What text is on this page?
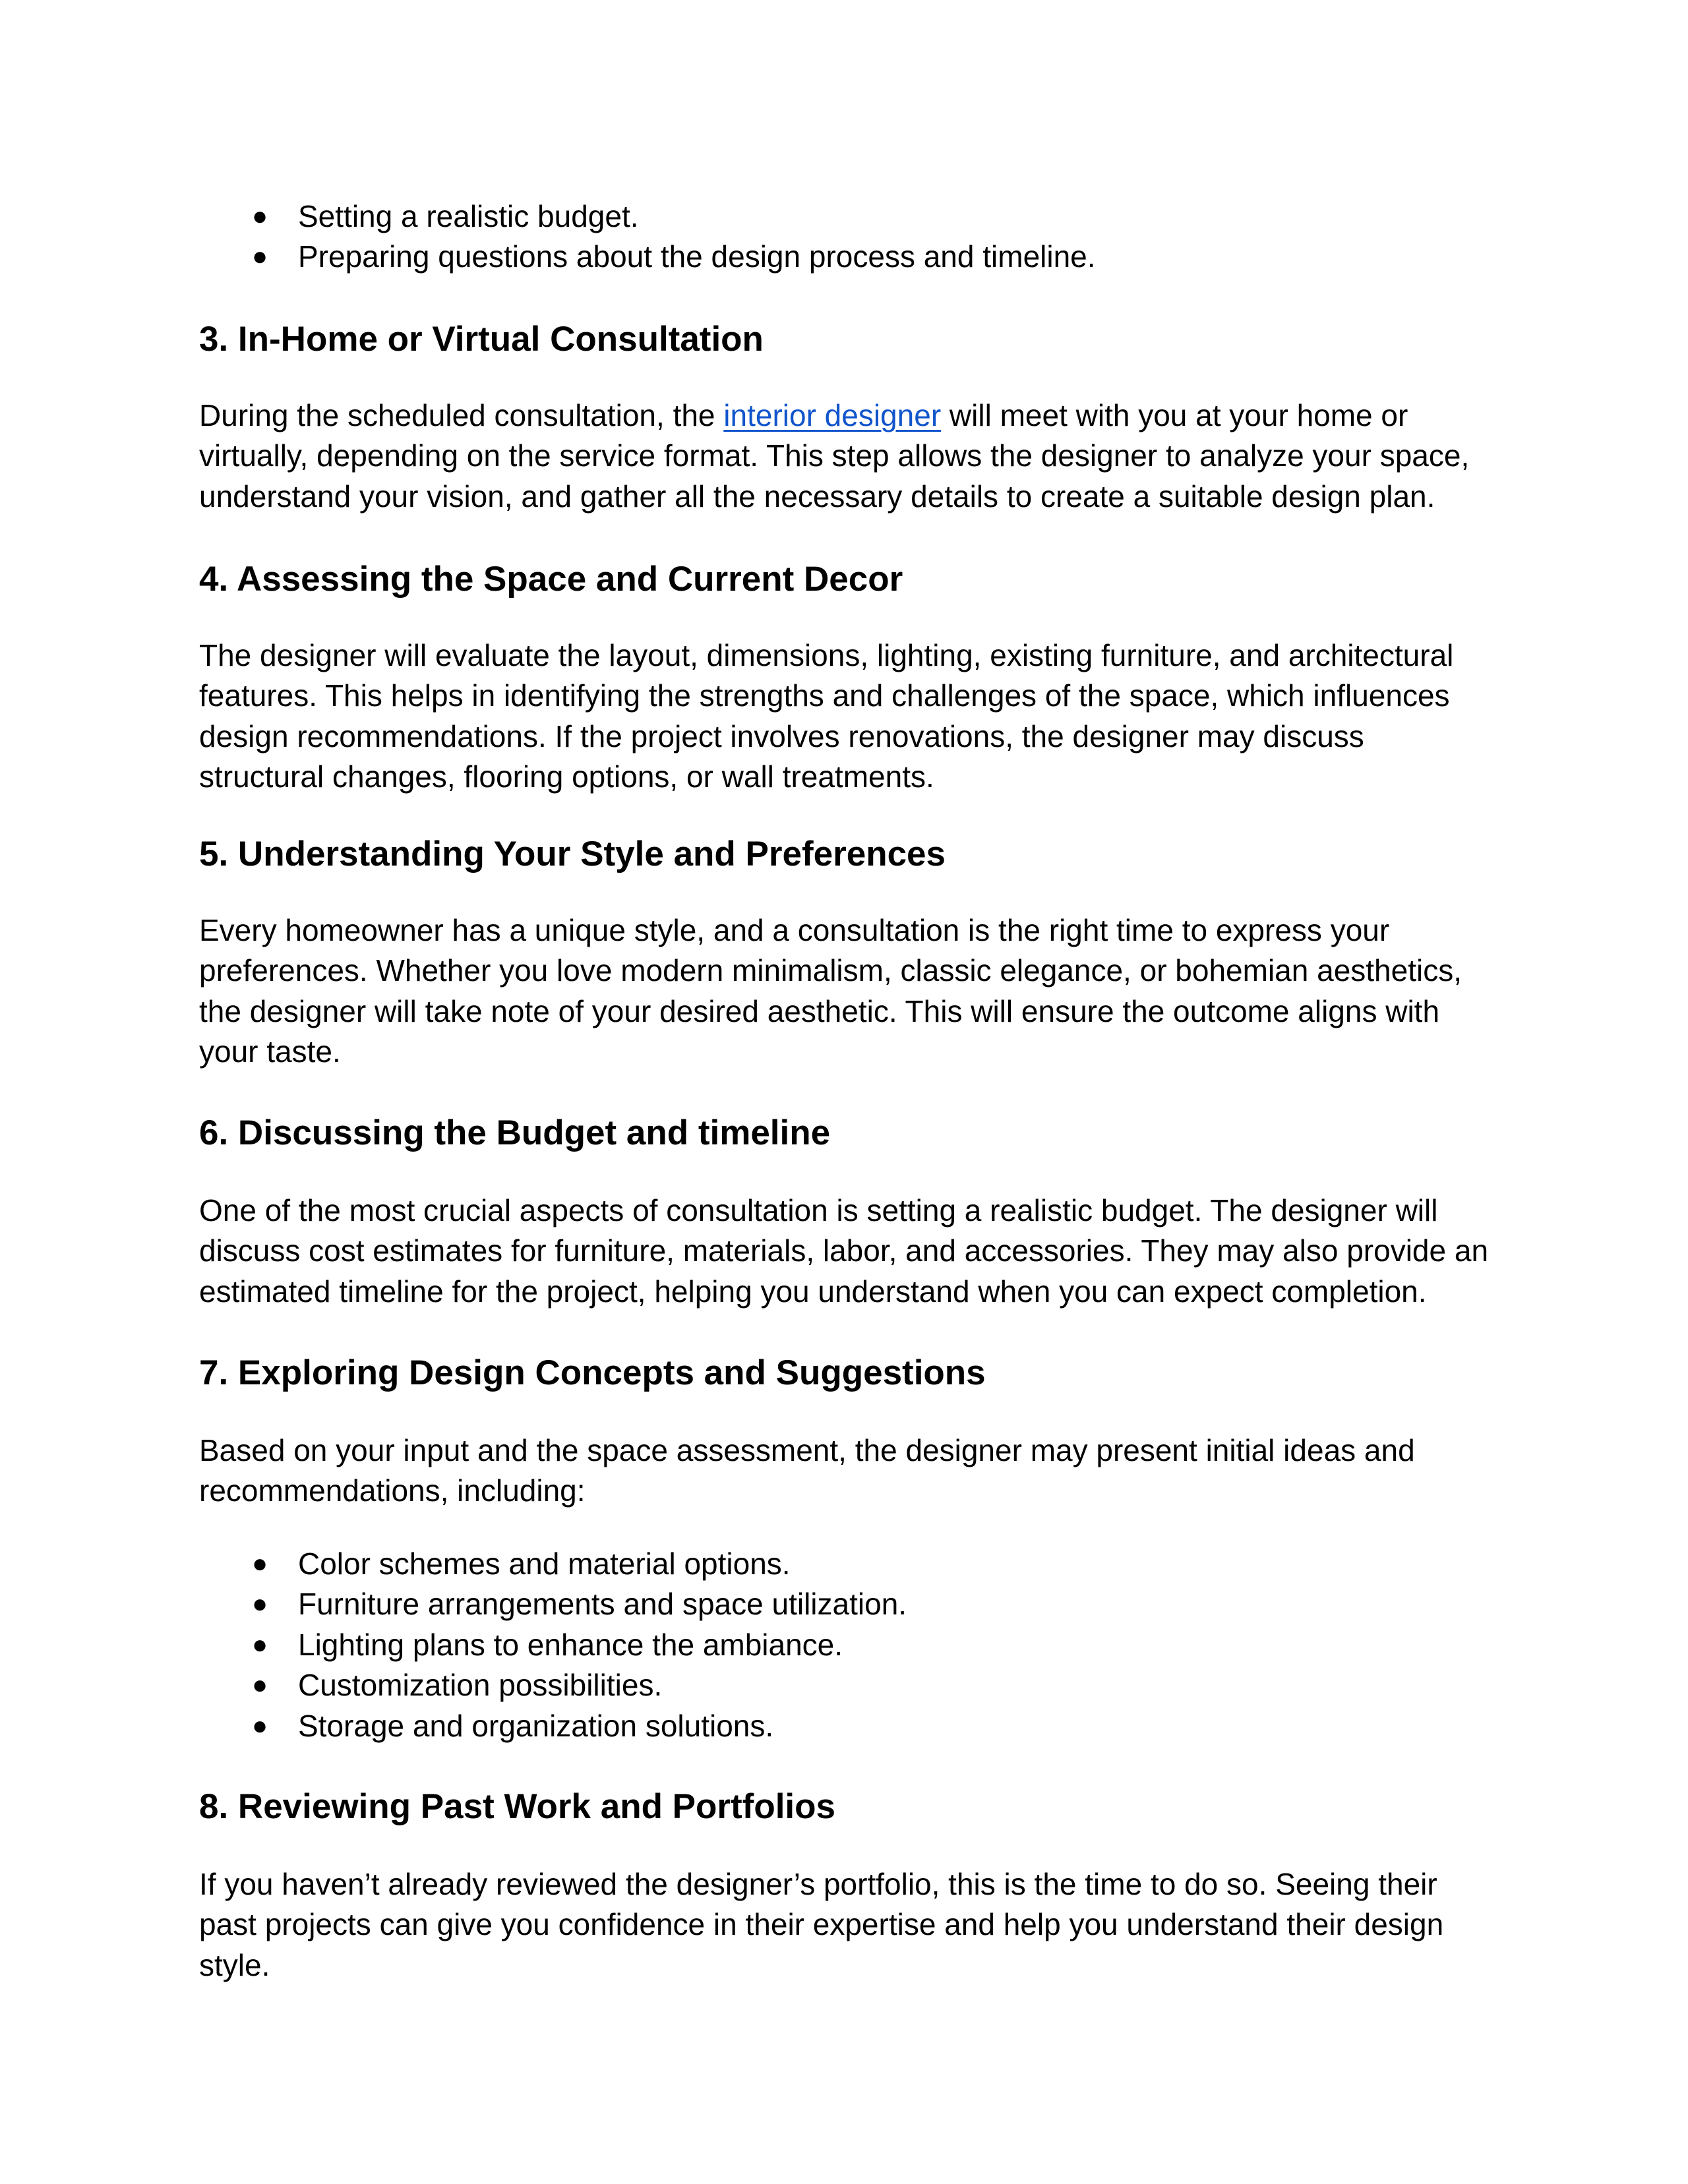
● Setting a realistic budget.
● Preparing questions about the design process and timeline.
3. In-Home or Virtual Consultation
During the scheduled consultation, the interior designer will meet with you at your home or
virtually, depending on the service format. This step allows the designer to analyze your space,
understand your vision, and gather all the necessary details to create a suitable design plan.
4. Assessing the Space and Current Decor
The designer will evaluate the layout, dimensions, lighting, existing furniture, and architectural
features. This helps in identifying the strengths and challenges of the space, which influences
design recommendations. If the project involves renovations, the designer may discuss
structural changes, flooring options, or wall treatments.
5. Understanding Your Style and Preferences
Every homeowner has a unique style, and a consultation is the right time to express your
preferences. Whether you love modern minimalism, classic elegance, or bohemian aesthetics,
the designer will take note of your desired aesthetic. This will ensure the outcome aligns with
your taste.
6. Discussing the Budget and timeline
One of the most crucial aspects of consultation is setting a realistic budget. The designer will
discuss cost estimates for furniture, materials, labor, and accessories. They may also provide an
estimated timeline for the project, helping you understand when you can expect completion.
7. Exploring Design Concepts and Suggestions
Based on your input and the space assessment, the designer may present initial ideas and
recommendations, including:
● Color schemes and material options.
● Furniture arrangements and space utilization.
● Lighting plans to enhance the ambiance.
● Customization possibilities.
● Storage and organization solutions.
8. Reviewing Past Work and Portfolios
If you haven’t already reviewed the designer’s portfolio, this is the time to do so. Seeing their
past projects can give you confidence in their expertise and help you understand their design
style.
